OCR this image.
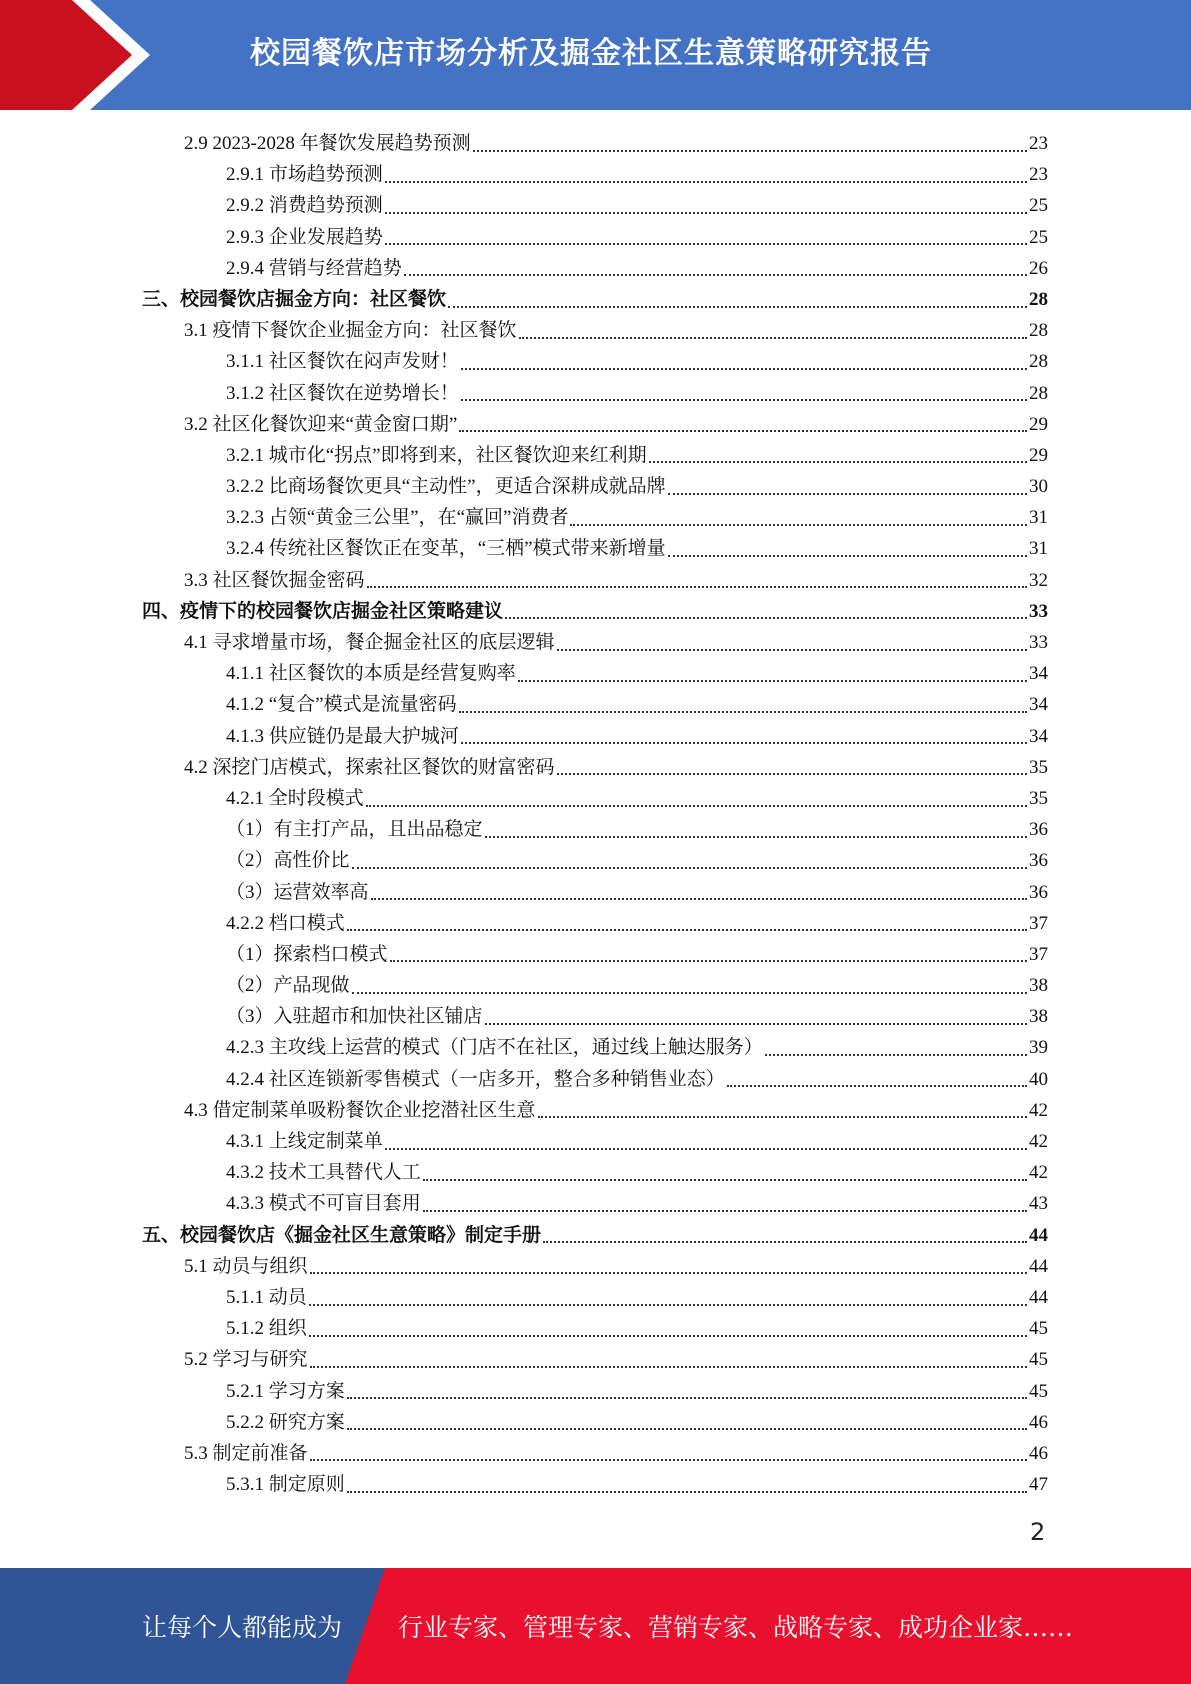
校园餐饮店市场分析及掘金社区生意策略研究报告
2.9 2023-2028 年餐饮发展趋势预测	23
2.9.1 市场趋势预测	23
2.9.2 消费趋势预测	25
2.9.3 企业发展趋势	25
2.9.4 营销与经营趋势	26
三、校园餐饮店掘金方向：社区餐饮	28
3.1 疫情下餐饮企业掘金方向：社区餐饮	28
3.1.1 社区餐饮在闷声发财！	28
3.1.2 社区餐饮在逆势增长！	28
3.2 社区化餐饮迎来“黄金窗口期”	29
3.2.1 城市化“拐点”即将到来，社区餐饮迎来红利期	29
3.2.2 比商场餐饮更具“主动性”，更适合深耕成就品牌	30
3.2.3 占领“黄金三公里”，在“赢回”消费者	31
3.2.4 传统社区餐饮正在变革，“三栖”模式带来新增量	31
3.3 社区餐饮掘金密码	32
四、疫情下的校园餐饮店掘金社区策略建议	33
4.1 寻求增量市场，餐企掘金社区的底层逻辑	33
4.1.1 社区餐饮的本质是经营复购率	34
4.1.2 “复合”模式是流量密码	34
4.1.3 供应链仍是最大护城河	34
4.2 深挖门店模式，探索社区餐饮的财富密码	35
4.2.1 全时段模式	35
（1）有主打产品，且出品稳定	36
（2）高性价比	36
（3）运营效率高	36
4.2.2 档口模式	37
（1）探索档口模式	37
（2）产品现做	38
（3）入驻超市和加快社区铺店	38
4.2.3 主攻线上运营的模式（门店不在社区，通过线上触达服务）	39
4.2.4 社区连锁新零售模式（一店多开，整合多种销售业态）	40
4.3 借定制菜单吸粉餐饮企业挖潜社区生意	42
4.3.1 上线定制菜单	42
4.3.2 技术工具替代人工	42
4.3.3 模式不可盲目套用	43
五、校园餐饮店《掘金社区生意策略》制定手册	44
5.1 动员与组织	44
5.1.1 动员	44
5.1.2 组织	45
5.2 学习与研究	45
5.2.1 学习方案	45
5.2.2 研究方案	46
5.3 制定前准备	46
5.3.1 制定原则	47
2
让每个人都能成为 行业专家、管理专家、营销专家、战略专家、成功企业家……
